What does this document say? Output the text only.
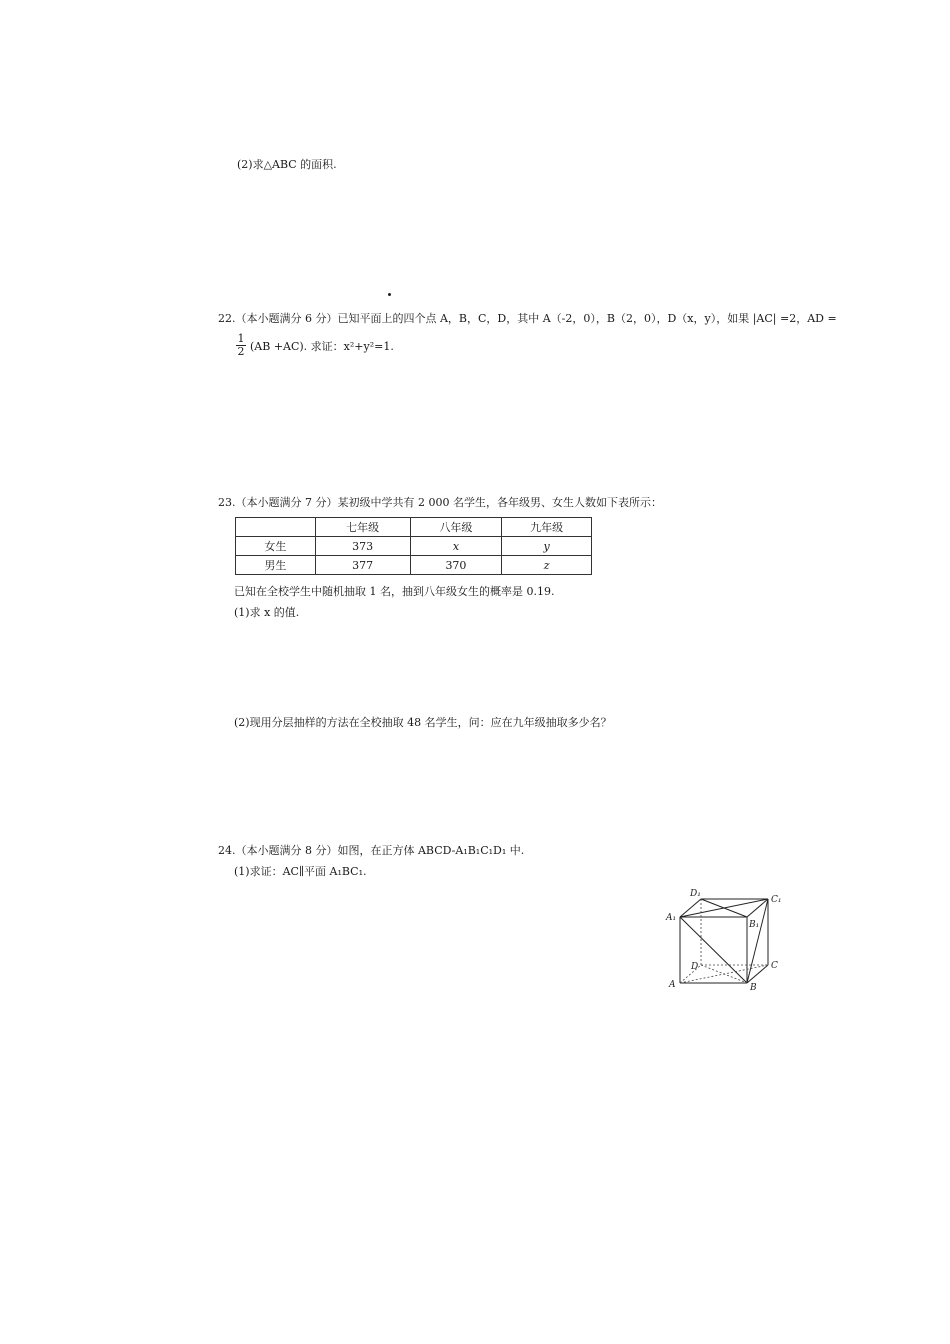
(2)求△ABC 的面积.
22.（本小题满分 6 分）已知平面上的四个点 A，B，C，D，其中 A（-2，0），B（2，0），D（x，y），如果 |AC| =2，AD =
$\frac{1}{2} (AB +AC)$. 求证：x²+y²=1.
23.（本小题满分 7 分）某初级中学共有 2 000 名学生，各年级男、女生人数如下表所示：
	七年级	八年级	九年级
女生	373	x	y
男生	377	370	z
已知在全校学生中随机抽取 1 名，抽到八年级女生的概率是 0.19.
(1)求 x 的值.
(2)现用分层抽样的方法在全校抽取 48 名学生，问：应在九年级抽取多少名？
24.（本小题满分 8 分）如图，在正方体 ABCD-A₁B₁C₁D₁ 中.
(1)求证：AC∥平面 A₁BC₁.
D₁
C₁
A₁
B₁
D	C
A	B
